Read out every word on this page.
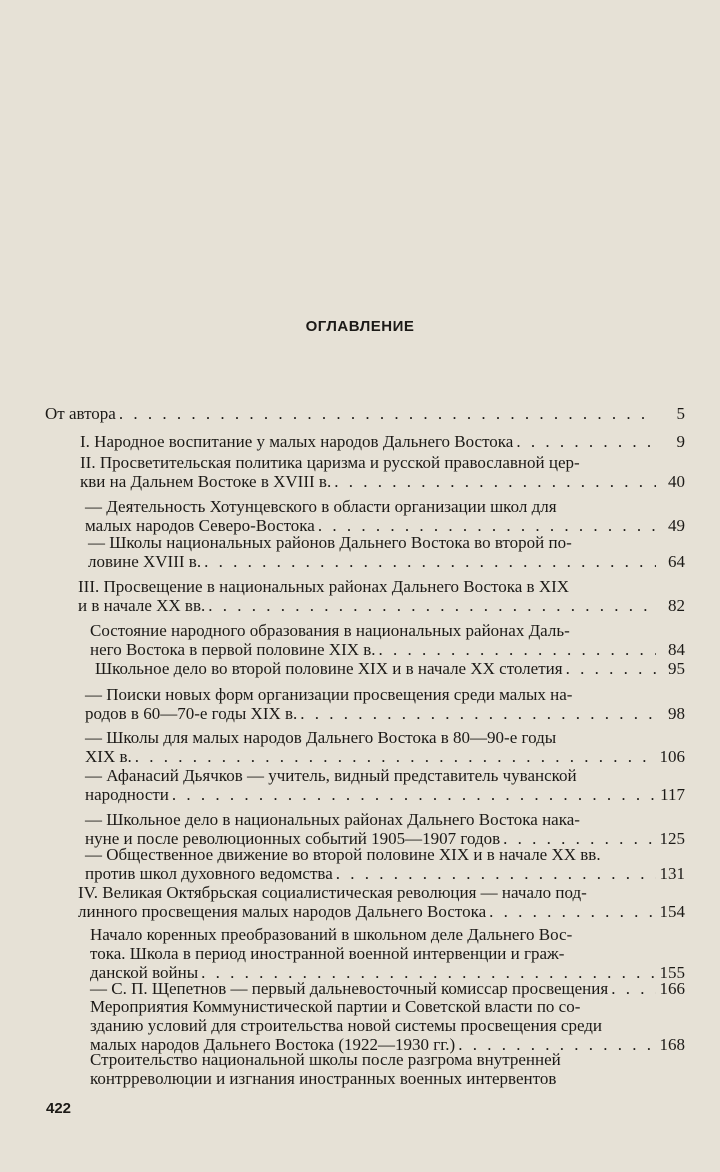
ОГЛАВЛЕНИЕ
От автора . . .	5
I. Народное воспитание у малых народов Дальнего Востока . . .	9
II. Просветительская политика царизма и русской православной цер-
кви на Дальнем Востоке в XVIII в. . . .	40
— Деятельность Хотунцевского в области организации школ для
малых народов Северо-Востока . . .	49
— Школы национальных районов Дальнего Востока во второй по-
ловине XVIII в. . . .	64
III. Просвещение в национальных районах Дальнего Востока в XIX
и в начале XX вв. . . .	82
Состояние народного образования в национальных районах Даль-
него Востока в первой половине XIX в. . . .	84
Школьное дело во второй половине XIX и в начале XX столетия . . .	95
— Поиски новых форм организации просвещения среди малых на-
родов в 60—70-е годы XIX в. . . .	98
— Школы для малых народов Дальнего Востока в 80—90-е годы
XIX в. . . .	106
— Афанасий Дьячков — учитель, видный представитель чуванской
народности . . .	117
— Школьное дело в национальных районах Дальнего Востока нака-
нуне и после революционных событий 1905—1907 годов . . .	125
— Общественное движение во второй половине XIX и в начале XX вв.
против школ духовного ведомства . . .	131
IV. Великая Октябрьская социалистическая революция — начало под-
линного просвещения малых народов Дальнего Востока . . .	154
Начало коренных преобразований в школьном деле Дальнего Вос-
тока. Школа в период иностранной военной интервенции и граж-
данской войны . . .	155
— С. П. Щепетнов — первый дальневосточный комиссар просвещения . . .	166
Мероприятия Коммунистической партии и Советской власти по со-
зданию условий для строительства новой системы просвещения среди
малых народов Дальнего Востока (1922—1930 гг.) . . .	168
Строительство национальной школы после разгрома внутренней
контрреволюции и изгнания иностранных военных интервентов
422
